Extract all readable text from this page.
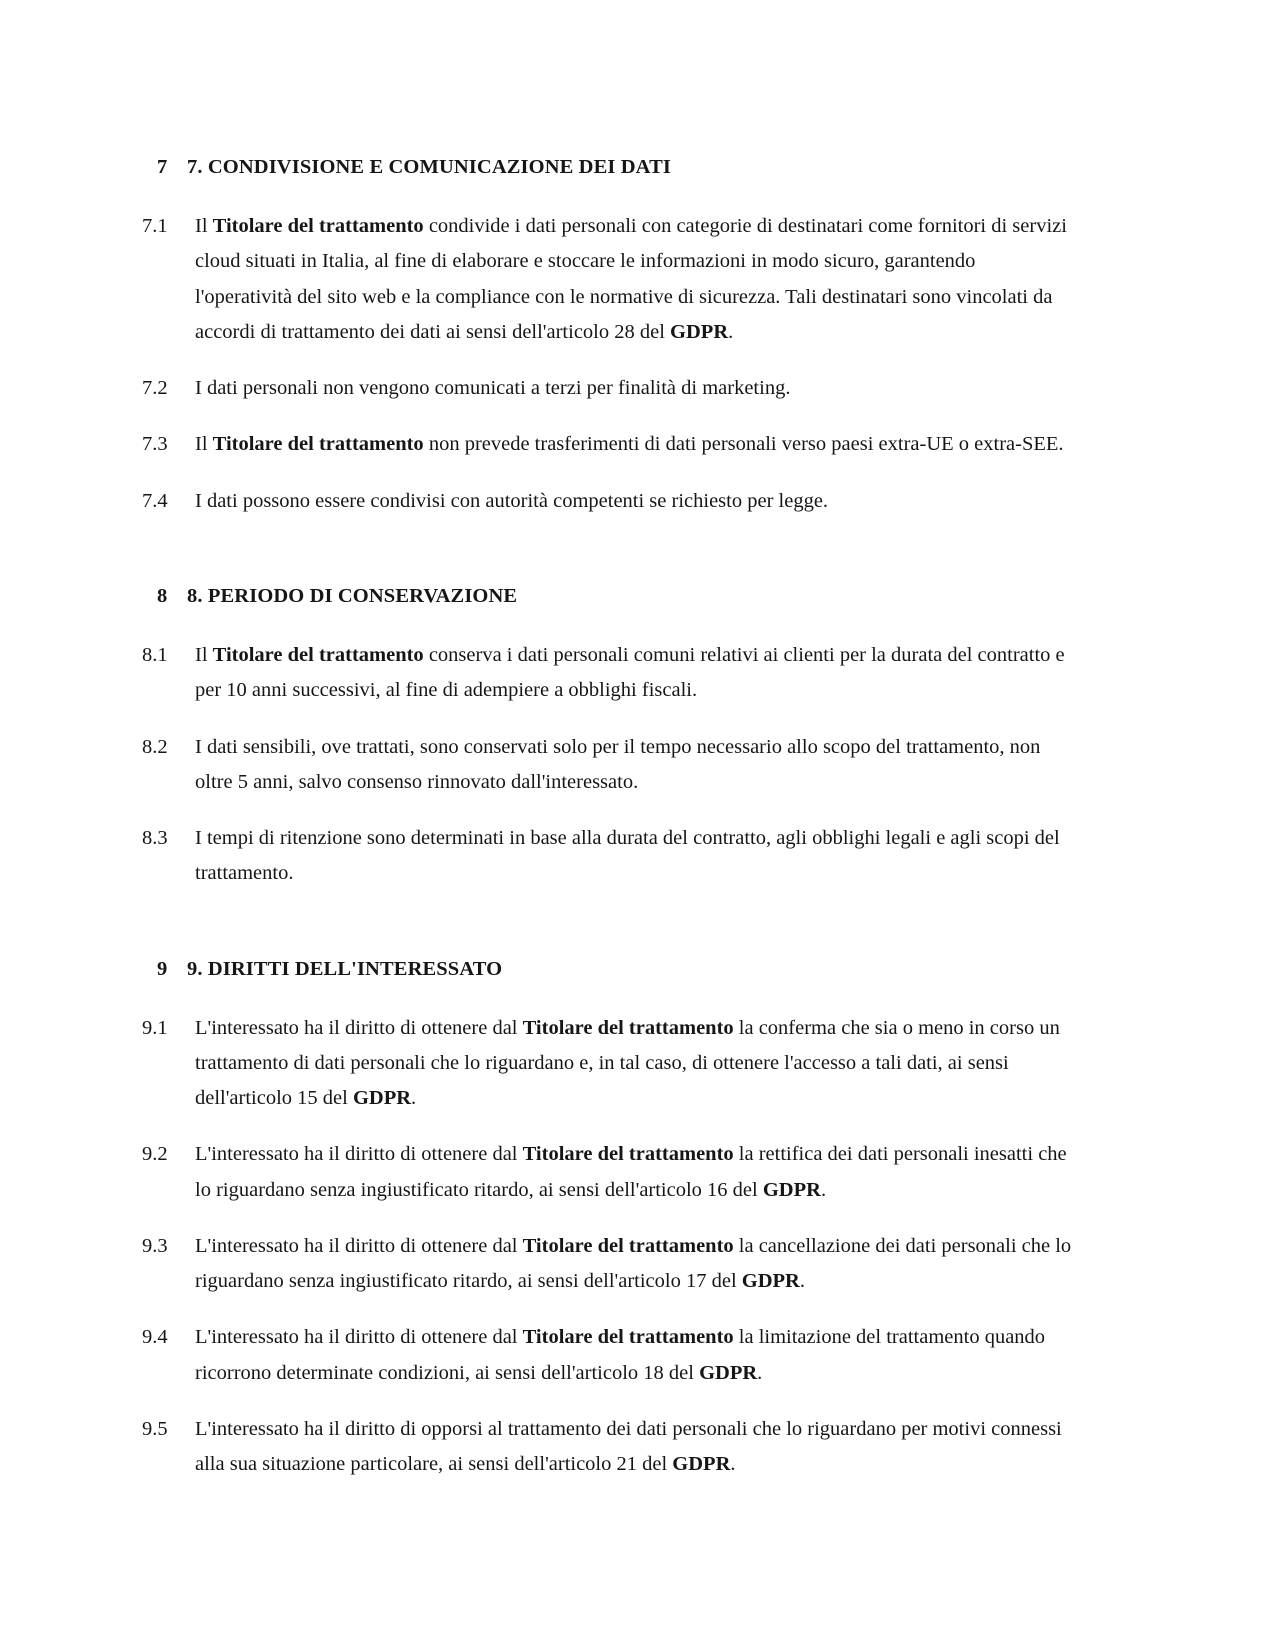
7 7. CONDIVISIONE E COMUNICAZIONE DEI DATI
7.1	Il Titolare del trattamento condivide i dati personali con categorie di destinatari come fornitori di servizi cloud situati in Italia, al fine di elaborare e stoccare le informazioni in modo sicuro, garantendo l'operatività del sito web e la compliance con le normative di sicurezza. Tali destinatari sono vincolati da accordi di trattamento dei dati ai sensi dell'articolo 28 del GDPR.
7.2	I dati personali non vengono comunicati a terzi per finalità di marketing.
7.3	Il Titolare del trattamento non prevede trasferimenti di dati personali verso paesi extra-UE o extra-SEE.
7.4	I dati possono essere condivisi con autorità competenti se richiesto per legge.
8 8. PERIODO DI CONSERVAZIONE
8.1	Il Titolare del trattamento conserva i dati personali comuni relativi ai clienti per la durata del contratto e per 10 anni successivi, al fine di adempiere a obblighi fiscali.
8.2	I dati sensibili, ove trattati, sono conservati solo per il tempo necessario allo scopo del trattamento, non oltre 5 anni, salvo consenso rinnovato dall'interessato.
8.3	I tempi di ritenzione sono determinati in base alla durata del contratto, agli obblighi legali e agli scopi del trattamento.
9 9. DIRITTI DELL'INTERESSATO
9.1	L'interessato ha il diritto di ottenere dal Titolare del trattamento la conferma che sia o meno in corso un trattamento di dati personali che lo riguardano e, in tal caso, di ottenere l'accesso a tali dati, ai sensi dell'articolo 15 del GDPR.
9.2	L'interessato ha il diritto di ottenere dal Titolare del trattamento la rettifica dei dati personali inesatti che lo riguardano senza ingiustificato ritardo, ai sensi dell'articolo 16 del GDPR.
9.3	L'interessato ha il diritto di ottenere dal Titolare del trattamento la cancellazione dei dati personali che lo riguardano senza ingiustificato ritardo, ai sensi dell'articolo 17 del GDPR.
9.4	L'interessato ha il diritto di ottenere dal Titolare del trattamento la limitazione del trattamento quando ricorrono determinate condizioni, ai sensi dell'articolo 18 del GDPR.
9.5	L'interessato ha il diritto di opporsi al trattamento dei dati personali che lo riguardano per motivi connessi alla sua situazione particolare, ai sensi dell'articolo 21 del GDPR.
